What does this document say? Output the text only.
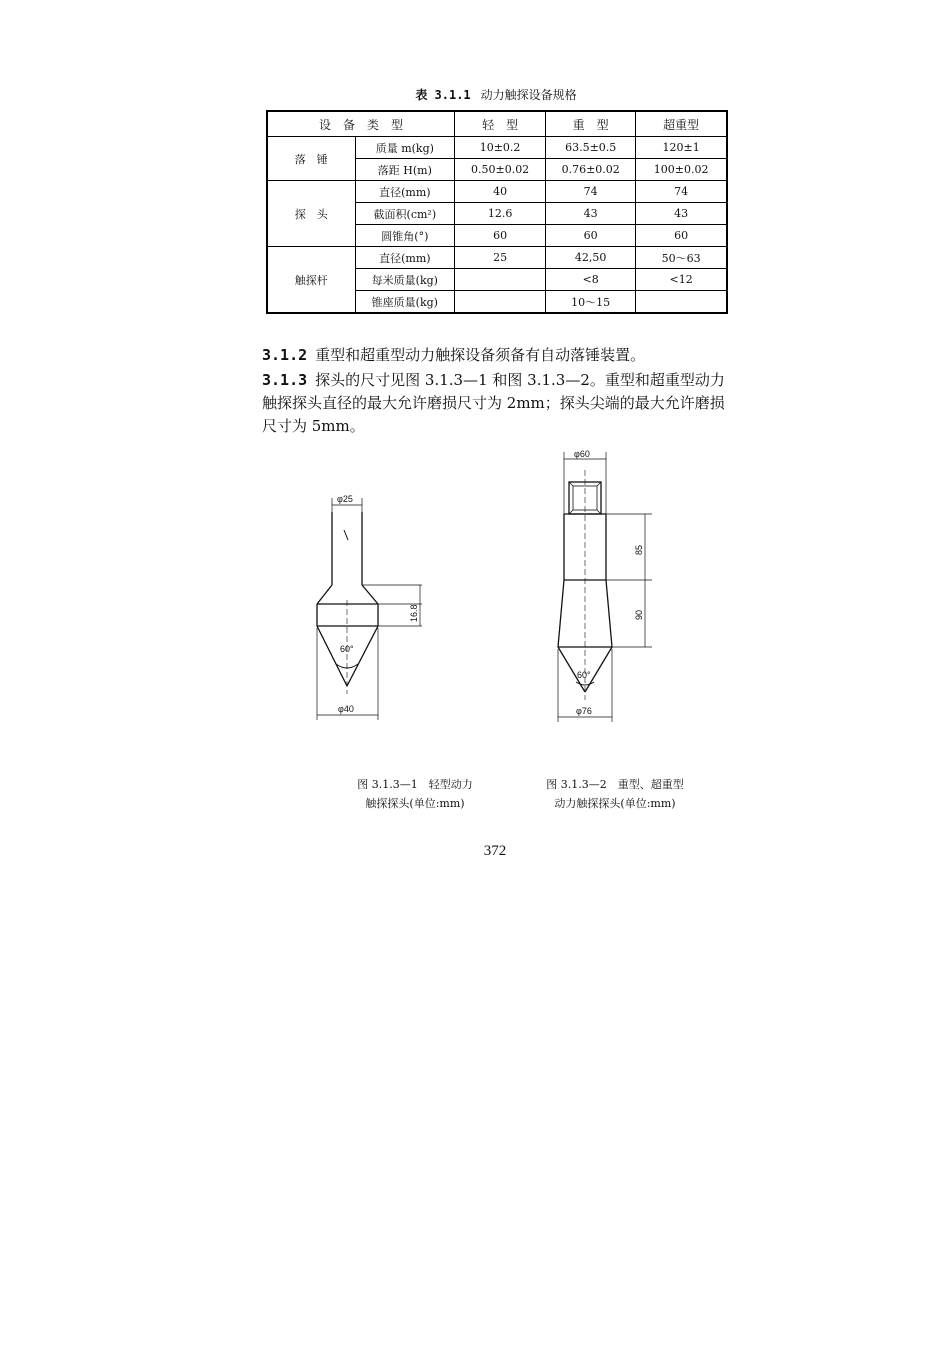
表 3.1.1 动力触探设备规格
设　备　类　型		轻　型	重　型	超重型
落　锤	质量 m(kg)	10±0.2	63.5±0.5	120±1
	落距 H(m)	0.50±0.02	0.76±0.02	100±0.02
探　头	直径(mm)	40	74	74
	截面积(cm²)	12.6	43	43
	圆锥角(°)	60	60	60
触探杆	直径(mm)	25	42,50	50～63
	每米质量(kg)		<8	<12
	锥座质量(kg)		10～15	

3.1.2 重型和超重型动力触探设备须备有自动落锤装置。

3.1.3 探头的尺寸见图 3.1.3—1 和图 3.1.3—2。重型和超重型动力触探探头直径的最大允许磨损尺寸为 2mm；探头尖端的最大允许磨损尺寸为 5mm。

φ25
16.8
60°
φ40
φ60
85
90
60°
φ76
图 3.1.3—1　轻型动力
触探探头(单位:mm)
图 3.1.3—2　重型、超重型
动力触探探头(单位:mm)
372
